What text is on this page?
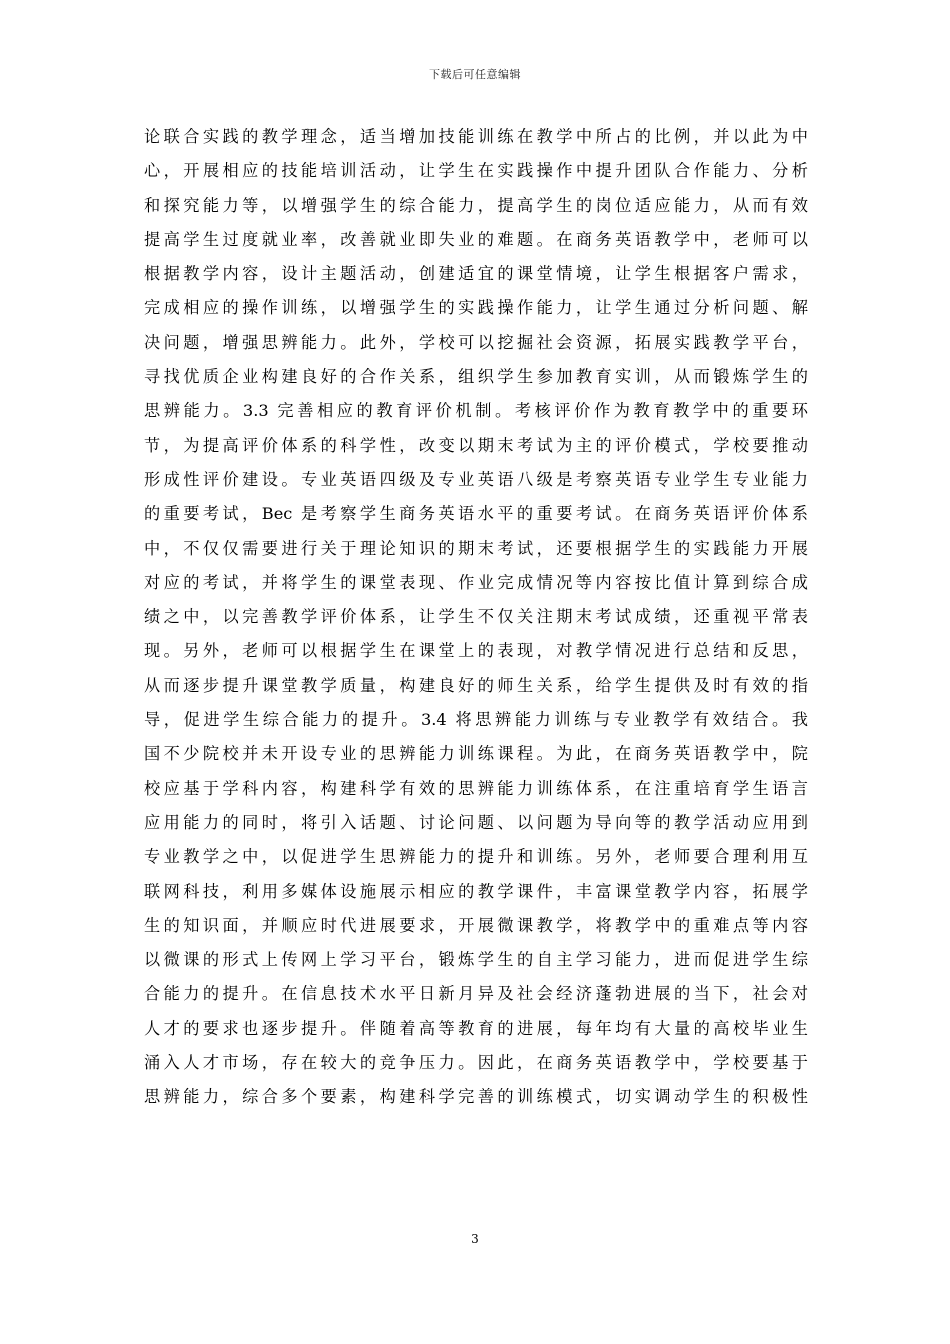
下载后可任意编辑
论联合实践的教学理念，适当增加技能训练在教学中所占的比例，并以此为中
心，开展相应的技能培训活动，让学生在实践操作中提升团队合作能力、分析
和探究能力等，以增强学生的综合能力，提高学生的岗位适应能力，从而有效
提高学生过度就业率，改善就业即失业的难题。在商务英语教学中，老师可以
根据教学内容，设计主题活动，创建适宜的课堂情境，让学生根据客户需求，
完成相应的操作训练，以增强学生的实践操作能力，让学生通过分析问题、解
决问题，增强思辨能力。此外，学校可以挖掘社会资源，拓展实践教学平台，
寻找优质企业构建良好的合作关系，组织学生参加教育实训，从而锻炼学生的
思辨能力。3.3 完善相应的教育评价机制。考核评价作为教育教学中的重要环
节，为提高评价体系的科学性，改变以期末考试为主的评价模式，学校要推动
形成性评价建设。专业英语四级及专业英语八级是考察英语专业学生专业能力
的重要考试，Bec 是考察学生商务英语水平的重要考试。在商务英语评价体系
中，不仅仅需要进行关于理论知识的期末考试，还要根据学生的实践能力开展
对应的考试，并将学生的课堂表现、作业完成情况等内容按比值计算到综合成
绩之中，以完善教学评价体系，让学生不仅关注期末考试成绩，还重视平常表
现。另外，老师可以根据学生在课堂上的表现，对教学情况进行总结和反思，
从而逐步提升课堂教学质量，构建良好的师生关系，给学生提供及时有效的指
导，促进学生综合能力的提升。3.4 将思辨能力训练与专业教学有效结合。我
国不少院校并未开设专业的思辨能力训练课程。为此，在商务英语教学中，院
校应基于学科内容，构建科学有效的思辨能力训练体系，在注重培育学生语言
应用能力的同时，将引入话题、讨论问题、以问题为导向等的教学活动应用到
专业教学之中，以促进学生思辨能力的提升和训练。另外，老师要合理利用互
联网科技，利用多媒体设施展示相应的教学课件，丰富课堂教学内容，拓展学
生的知识面，并顺应时代进展要求，开展微课教学，将教学中的重难点等内容
以微课的形式上传网上学习平台，锻炼学生的自主学习能力，进而促进学生综
合能力的提升。在信息技术水平日新月异及社会经济蓬勃进展的当下，社会对
人才的要求也逐步提升。伴随着高等教育的进展，每年均有大量的高校毕业生
涌入人才市场，存在较大的竞争压力。因此，在商务英语教学中，学校要基于
思辨能力，综合多个要素，构建科学完善的训练模式，切实调动学生的积极性
3
